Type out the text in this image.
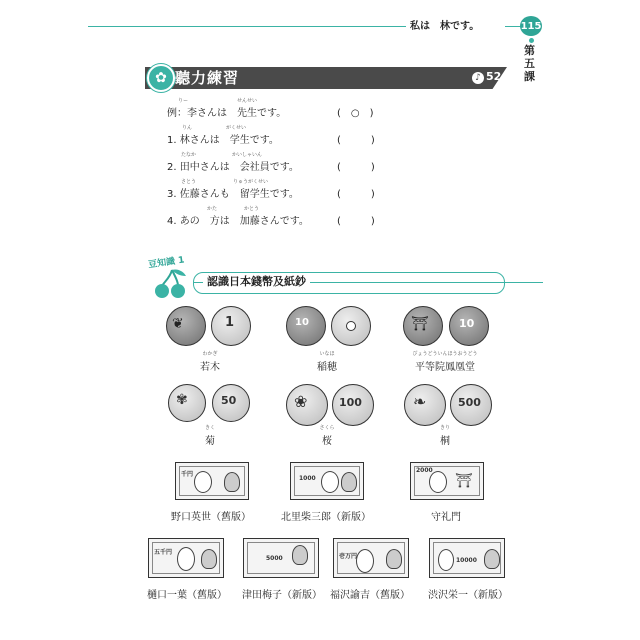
私は　林です。	115
第五課
✿ 聽力練習	♪ 52
例：李さんは　先生です。
りー	せんせい
(　○　)
1. 林さんは　学生です。
りん	がくせい
(　　　)
2. 田中さんは　会社員です。
たなか	かいしゃいん
(　　　)
3. 佐藤さんも　留学生です。
さとう	りゅうがくせい
(　　　)
4. あの　方は　加藤さんです。
かた	かとう
(　　　)
認識日本錢幣及紙鈔
豆知識 1
❦	1
若木
わかぎ
10
稲穂
いなほ
⛩	10
平等院鳳凰堂
びょうどういんほうおうどう
✾	50
菊
きく
❀	100
桜
さくら
❧	500
桐
きり
千円
野口英世（舊版）
1000
北里柴三郎（新版）
⛩
2000
守礼門
五千円
樋口一葉（舊版）
5000
津田梅子（新版）
壱万円
福沢諭吉（舊版）
10000
渋沢栄一（新版）
